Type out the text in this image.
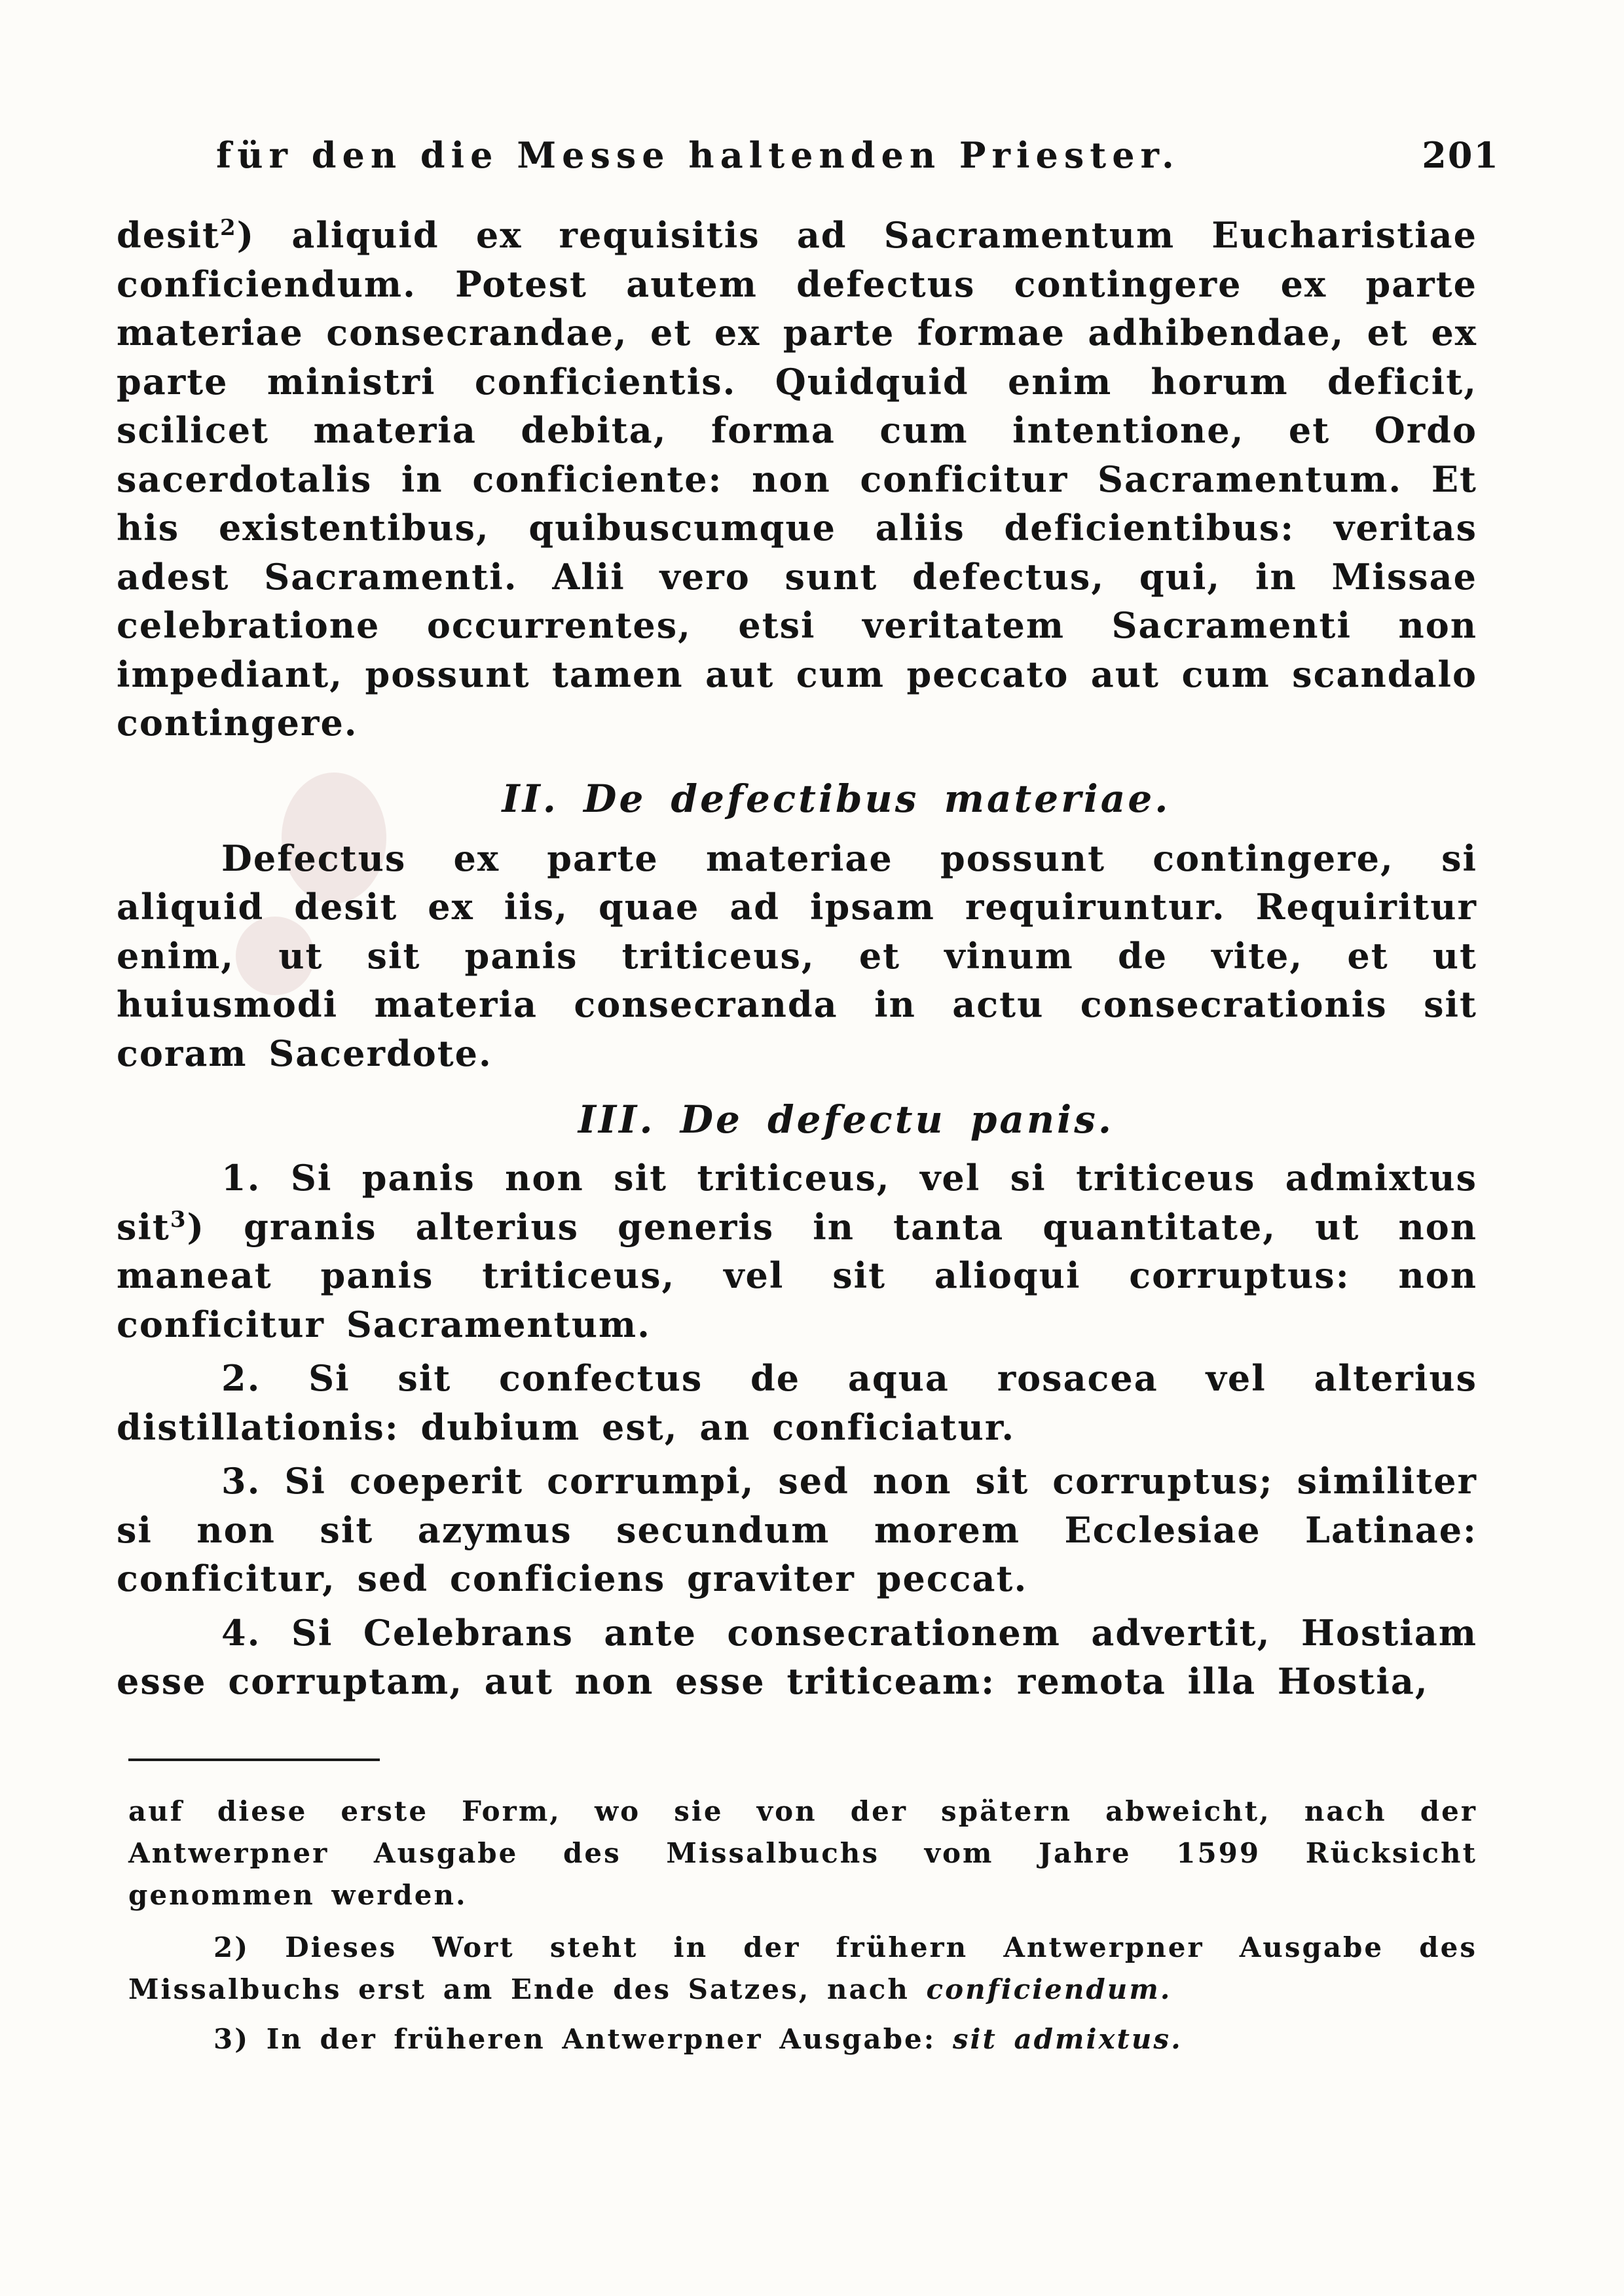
für den die Messe haltenden Priester.	201

desit$^2$) aliquid ex requisitis ad Sacramentum Eucharistiae conficiendum. Potest autem defectus contingere ex parte materiae consecrandae, et ex parte formae adhibendae, et ex parte ministri conficientis. Quidquid enim horum deficit, scilicet materia debita, forma cum intentione, et Ordo sacerdotalis in conficiente: non conficitur Sacramentum. Et his existentibus, quibuscumque aliis deficientibus: veritas adest Sacramenti. Alii vero sunt defectus, qui, in Missae celebratione occurrentes, etsi veritatem Sacramenti non impediant, possunt tamen aut cum peccato aut cum scandalo contingere.

II. De defectibus materiae.

Defectus ex parte materiae possunt contingere, si aliquid desit ex iis, quae ad ipsam requiruntur. Requiritur enim, ut sit panis triticeus, et vinum de vite, et ut huiusmodi materia consecranda in actu consecrationis sit coram Sacerdote.

III. De defectu panis.

1. Si panis non sit triticeus, vel si triticeus admixtus sit$^3$) granis alterius generis in tanta quantitate, ut non maneat panis triticeus, vel sit alioqui corruptus: non conficitur Sacramentum.

2. Si sit confectus de aqua rosacea vel alterius distillationis: dubium est, an conficiatur.

3. Si coeperit corrumpi, sed non sit corruptus; similiter si non sit azymus secundum morem Ecclesiae Latinae: conficitur, sed conficiens graviter peccat.

4. Si Celebrans ante consecrationem advertit, Hostiam esse corruptam, aut non esse triticeam: remota illa Hostia,

auf diese erste Form, wo sie von der spätern abweicht, nach der Antwerpner Ausgabe des Missalbuchs vom Jahre 1599 Rücksicht genommen werden.

2) Dieses Wort steht in der frühern Antwerpner Ausgabe des Missalbuchs erst am Ende des Satzes, nach conficiendum.

3) In der früheren Antwerpner Ausgabe: sit admixtus.
